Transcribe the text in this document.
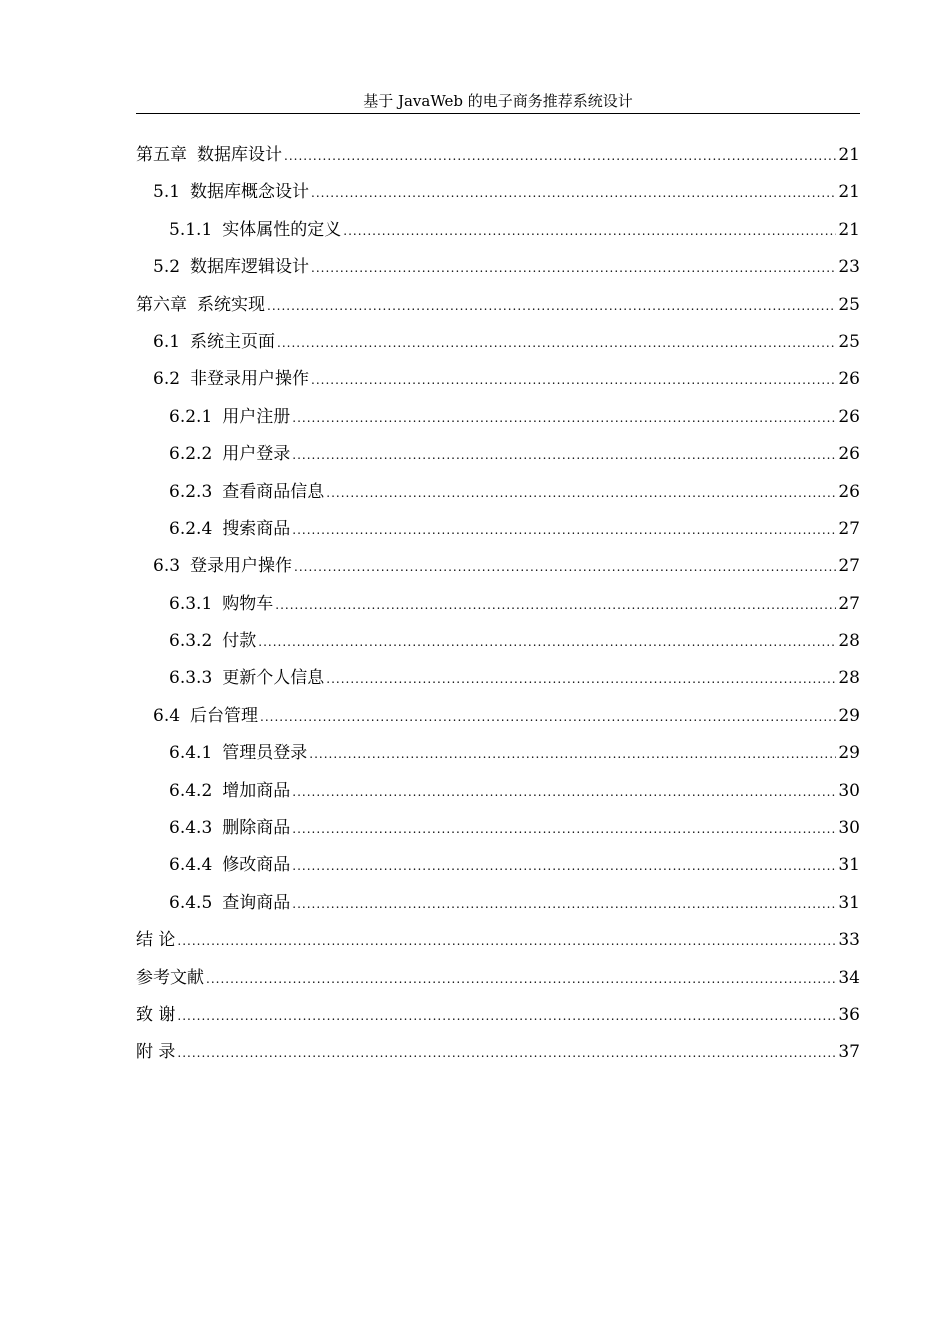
基于 JavaWeb 的电子商务推荐系统设计
第五章 数据库设计 .....	21
5.1 数据库概念设计 .....	21
5.1.1 实体属性的定义 .....	21
5.2 数据库逻辑设计 .....	23
第六章 系统实现 .....	25
6.1 系统主页面 .....	25
6.2 非登录用户操作 .....	26
6.2.1 用户注册 .....	26
6.2.2 用户登录 .....	26
6.2.3 查看商品信息 .....	26
6.2.4 搜索商品 .....	27
6.3 登录用户操作 .....	27
6.3.1 购物车 .....	27
6.3.2 付款 .....	28
6.3.3 更新个人信息 .....	28
6.4 后台管理 .....	29
6.4.1 管理员登录 .....	29
6.4.2 增加商品 .....	30
6.4.3 删除商品 .....	30
6.4.4 修改商品 .....	31
6.4.5 查询商品 .....	31
结 论 .....	33
参考文献 .....	34
致 谢 .....	36
附 录 .....	37
